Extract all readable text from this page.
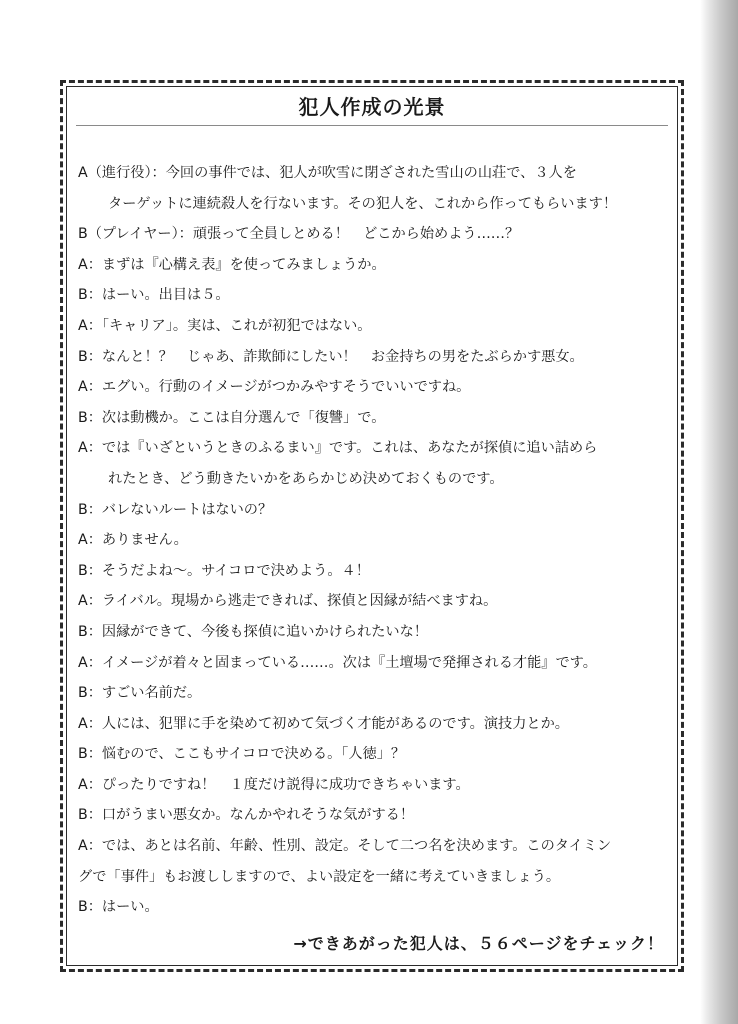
犯人作成の光景
A（進行役）：今回の事件では、犯人が吹雪に閉ざされた雪山の山荘で、３人を
ターゲットに連続殺人を行ないます。その犯人を、これから作ってもらいます！
B（プレイヤー）：頑張って全員しとめる！　どこから始めよう……？
A：まずは『心構え表』を使ってみましょうか。
B：はーい。出目は５。
A：「キャリア」。実は、これが初犯ではない。
B：なんと！？　じゃあ、詐欺師にしたい！　お金持ちの男をたぶらかす悪女。
A：エグい。行動のイメージがつかみやすそうでいいですね。
B：次は動機か。ここは自分選んで「復讐」で。
A：では『いざというときのふるまい』です。これは、あなたが探偵に追い詰めら
れたとき、どう動きたいかをあらかじめ決めておくものです。
B：バレないルートはないの？
A：ありません。
B：そうだよね〜。サイコロで決めよう。４！
A：ライバル。現場から逃走できれば、探偵と因縁が結べますね。
B：因縁ができて、今後も探偵に追いかけられたいな！
A：イメージが着々と固まっている……。次は『土壇場で発揮される才能』です。
B：すごい名前だ。
A：人には、犯罪に手を染めて初めて気づく才能があるのです。演技力とか。
B：悩むので、ここもサイコロで決める。「人徳」？
A：ぴったりですね！　１度だけ説得に成功できちゃいます。
B：口がうまい悪女か。なんかやれそうな気がする！
A：では、あとは名前、年齢、性別、設定。そして二つ名を決めます。このタイミン
グで「事件」もお渡ししますので、よい設定を一緒に考えていきましょう。
B：はーい。
→できあがった犯人は、５６ページをチェック！
